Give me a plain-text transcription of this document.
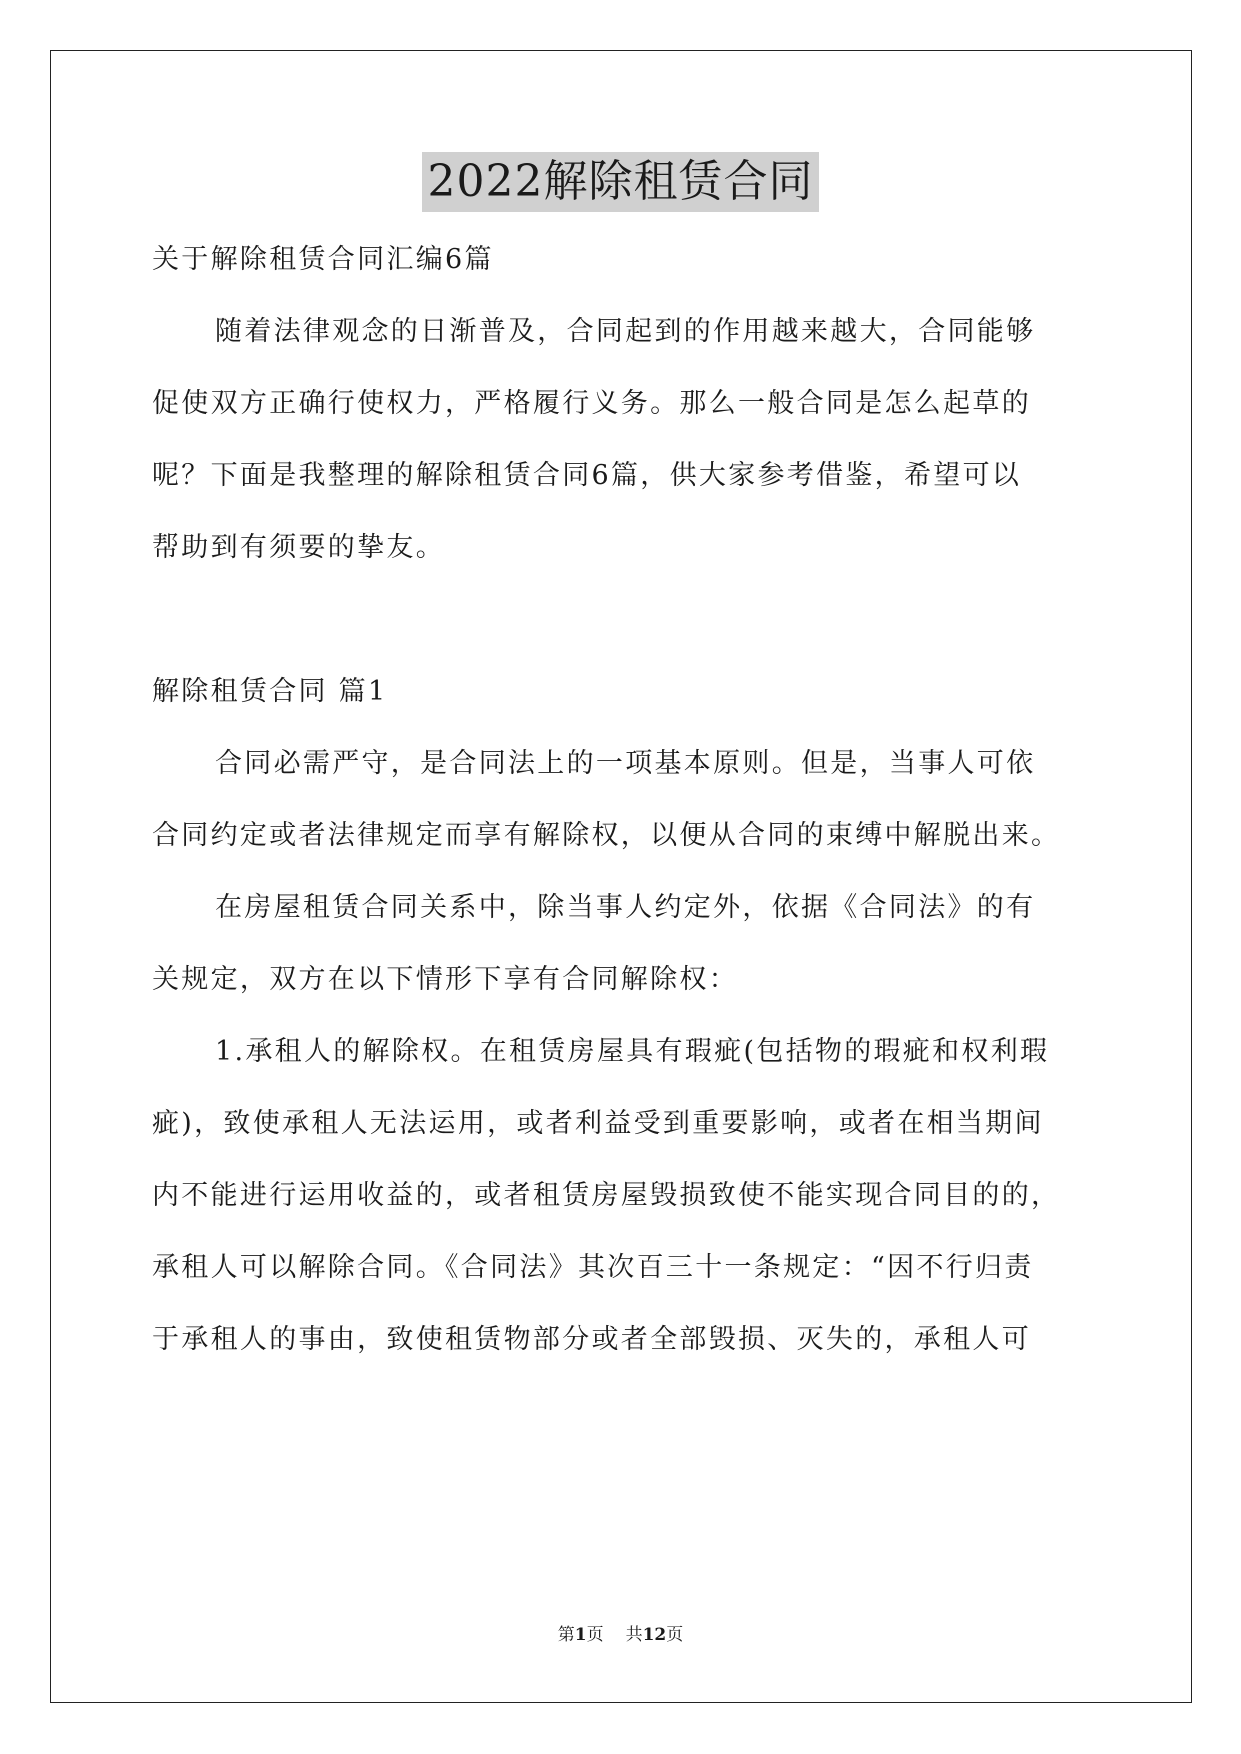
2022解除租赁合同
关于解除租赁合同汇编6篇
随着法律观念的日渐普及，合同起到的作用越来越大，合同能够
促使双方正确行使权力，严格履行义务。那么一般合同是怎么起草的
呢？下面是我整理的解除租赁合同6篇，供大家参考借鉴，希望可以
帮助到有须要的挚友。
解除租赁合同 篇1
合同必需严守，是合同法上的一项基本原则。但是，当事人可依
合同约定或者法律规定而享有解除权，以便从合同的束缚中解脱出来。
在房屋租赁合同关系中，除当事人约定外，依据《合同法》的有
关规定，双方在以下情形下享有合同解除权：
1.承租人的解除权。在租赁房屋具有瑕疵(包括物的瑕疵和权利瑕
疵)，致使承租人无法运用，或者利益受到重要影响，或者在相当期间
内不能进行运用收益的，或者租赁房屋毁损致使不能实现合同目的的，
承租人可以解除合同。《合同法》其次百三十一条规定：“因不行归责
于承租人的事由，致使租赁物部分或者全部毁损、灭失的，承租人可
第1页 共12页
